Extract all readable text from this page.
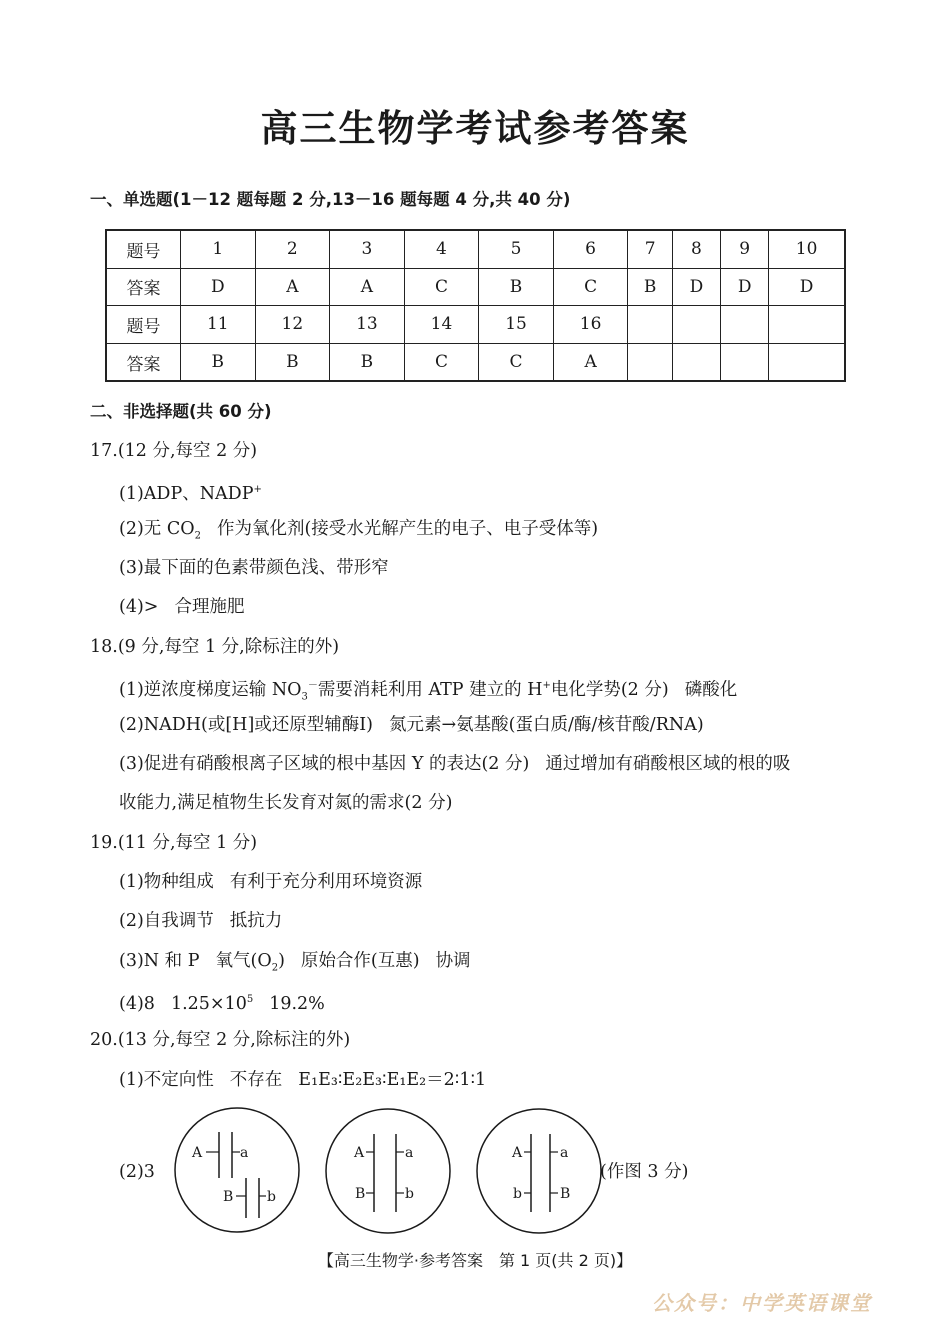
高三生物学考试参考答案
一、单选题(1－12 题每题 2 分,13－16 题每题 4 分,共 40 分)
题号	1	2	3	4	5	6	7	8	9	10
答案	D	A	A	C	B	C	B	D	D	D
题号	11	12	13	14	15	16				
答案	B	B	B	C	C	A				
二、非选择题(共 60 分)
17.(12 分,每空 2 分)
(1)ADP、NADP+
(2)无 $CO_2$ 作为氧化剂(接受水光解产生的电子、电子受体等)
(3)最下面的色素带颜色浅、带形窄
(4)> 合理施肥
18.(9 分,每空 1 分,除标注的外)
(1)逆浓度梯度运输 $NO_3^-$需要消耗利用 ATP 建立的 H+电化学势(2 分) 磷酸化
(2)NADH(或[H]或还原型辅酶Ⅰ) 氮元素→氨基酸(蛋白质/酶/核苷酸/RNA)
(3)促进有硝酸根离子区域的根中基因 Y 的表达(2 分) 通过增加有硝酸根区域的根的吸
收能力,满足植物生长发育对氮的需求(2 分)
19.(11 分,每空 1 分)
(1)物种组成 有利于充分利用环境资源
(2)自我调节 抵抗力
(3)N 和 P 氧气$(O_2)$ 原始合作(互惠) 协调
(4)8 $1.25\times 10^5$ 19.2%
20.(13 分,每空 2 分,除标注的外)
(1)不定向性 不存在 E₁E₃∶E₂E₃∶E₁E₂＝2∶1∶1
(2)3	(作图 3 分)
A	a
B b
A	a
B	b
A	a
b	B
【高三生物学·参考答案　第 1 页(共 2 页)】
公众号：中学英语课堂
